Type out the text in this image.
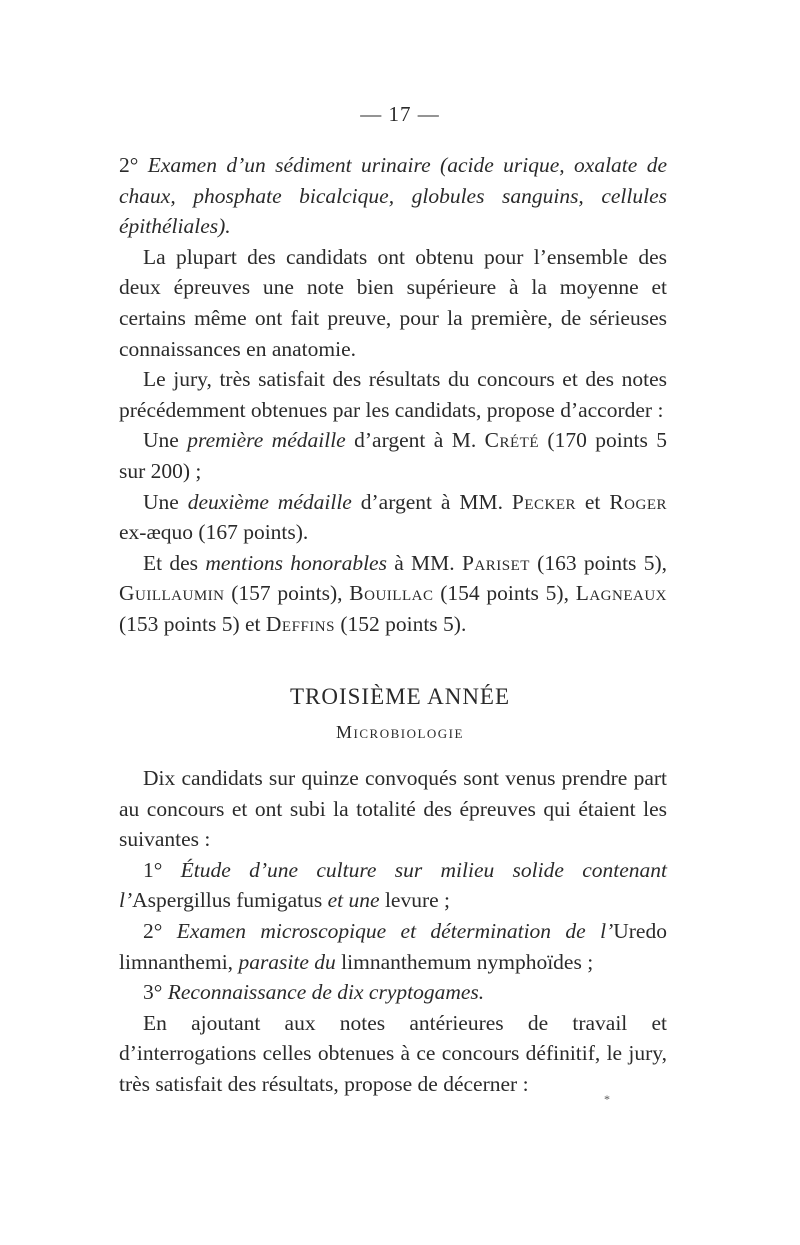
— 17 —

2° Examen d’un sédiment urinaire (acide urique, oxalate de chaux, phosphate bicalcique, globules sanguins, cellules épithéliales).

La plupart des candidats ont obtenu pour l’ensemble des deux épreuves une note bien supérieure à la moyenne et certains même ont fait preuve, pour la première, de sérieuses connaissances en anatomie.

Le jury, très satisfait des résultats du concours et des notes précédemment obtenues par les candidats, propose d’accorder :

Une première médaille d’argent à M. Crété (170 points 5 sur 200) ;

Une deuxième médaille d’argent à MM. Pecker et Roger ex-æquo (167 points).

Et des mentions honorables à MM. Pariset (163 points 5), Guillaumin (157 points), Bouillac (154 points 5), Lagneaux (153 points 5) et Deffins (152 points 5).

TROISIÈME ANNÉE
Microbiologie

Dix candidats sur quinze convoqués sont venus prendre part au concours et ont subi la totalité des épreuves qui étaient les suivantes :

1° Étude d’une culture sur milieu solide contenant l’Aspergillus fumigatus et une levure ;

2° Examen microscopique et détermination de l’Uredo limnanthemi, parasite du limnanthemum nymphoïdes ;

3° Reconnaissance de dix cryptogames.

En ajoutant aux notes antérieures de travail et d’interrogations celles obtenues à ce concours définitif, le jury, très satisfait des résultats, propose de décerner :

*
